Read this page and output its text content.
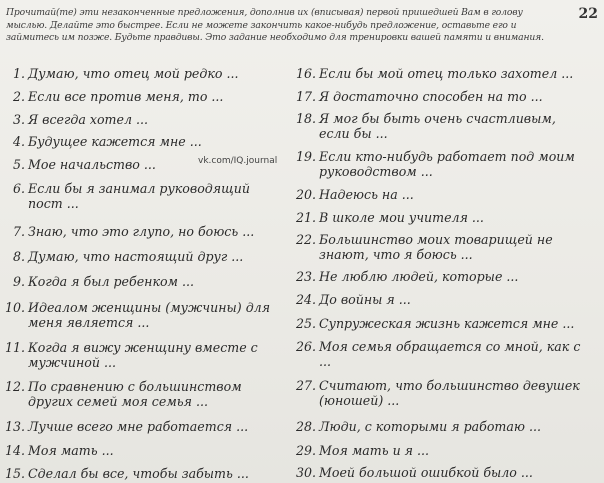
22
Прочитай(те) эти незаконченные предложения, дополнив их (вписывая) первой пришедшей Вам в голову мыслью. Делайте это быстрее. Если не можете закончить какое-нибудь предложение, оставьте его и займитесь им позже. Будьте правдивы. Это задание необходимо для тренировки вашей памяти и внимания.
vk.com/IQ.journal
1. Думаю, что отец мой редко ...
2. Если все против меня, то ...
3. Я всегда хотел ...
4. Будущее кажется мне ...
5. Мое начальство ...
6. Если бы я занимал руководящий пост ...
7. Знаю, что это глупо, но боюсь ...
8. Думаю, что настоящий друг ...
9. Когда я был ребенком ...
10. Идеалом женщины (мужчины) для меня является ...
11. Когда я вижу женщину вместе с мужчиной ...
12. По сравнению с большинством других семей моя семья ...
13. Лучше всего мне работается ...
14. Моя мать ...
15. Сделал бы все, чтобы забыть ...
16. Если бы мой отец только захотел ...
17. Я достаточно способен на то ...
18. Я мог бы быть очень счастливым, если бы ...
19. Если кто-нибудь работает под моим руководством ...
20. Надеюсь на ...
21. В школе мои учителя ...
22. Большинство моих товарищей не знают, что я боюсь ...
23. Не люблю людей, которые ...
24. До войны я ...
25. Супружеская жизнь кажется мне ...
26. Моя семья обращается со мной, как с ...
27. Считают, что большинство девушек (юношей) ...
28. Люди, с которыми я работаю ...
29. Моя мать и я ...
30. Моей большой ошибкой было ...
